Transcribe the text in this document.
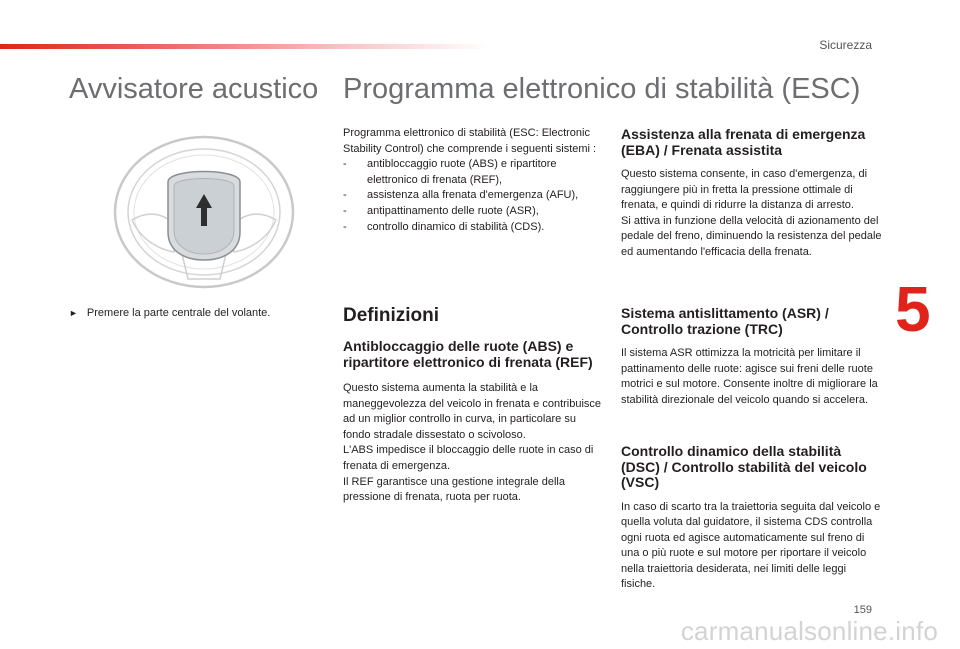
Sicurezza
Avvisatore acustico Programma elettronico di stabilità (ESC)
5
► Premere la parte centrale del volante.

Programma elettronico di stabilità (ESC: Electronic Stability Control) che comprende i seguenti sistemi :

- antibloccaggio ruote (ABS) e ripartitore elettronico di frenata (REF),
- assistenza alla frenata d'emergenza (AFU),
- antipattinamento delle ruote (ASR),
- controllo dinamico di stabilità (CDS).
Definizioni
Antibloccaggio delle ruote (ABS) e ripartitore elettronico di frenata (REF)

Questo sistema aumenta la stabilità e la maneggevolezza del veicolo in frenata e contribuisce ad un miglior controllo in curva, in particolare su fondo stradale dissestato o scivoloso.

L'ABS impedisce il bloccaggio delle ruote in caso di frenata di emergenza.

Il REF garantisce una gestione integrale della pressione di frenata, ruota per ruota.

Assistenza alla frenata di emergenza (EBA) / Frenata assistita

Questo sistema consente, in caso d'emergenza, di raggiungere più in fretta la pressione ottimale di frenata, e quindi di ridurre la distanza di arresto.

Si attiva in funzione della velocità di azionamento del pedale del freno, diminuendo la resistenza del pedale ed aumentando l'efficacia della frenata.

Sistema antislittamento (ASR) / Controllo trazione (TRC)

Il sistema ASR ottimizza la motricità per limitare il pattinamento delle ruote: agisce sui freni delle ruote motrici e sul motore. Consente inoltre di migliorare la stabilità direzionale del veicolo quando si accelera.

Controllo dinamico della stabilità (DSC) / Controllo stabilità del veicolo (VSC)

In caso di scarto tra la traiettoria seguita dal veicolo e quella voluta dal guidatore, il sistema CDS controlla ogni ruota ed agisce automaticamente sul freno di una o più ruote e sul motore per riportare il veicolo nella traiettoria desiderata, nei limiti delle leggi fisiche.

159
carmanualsonline.info
